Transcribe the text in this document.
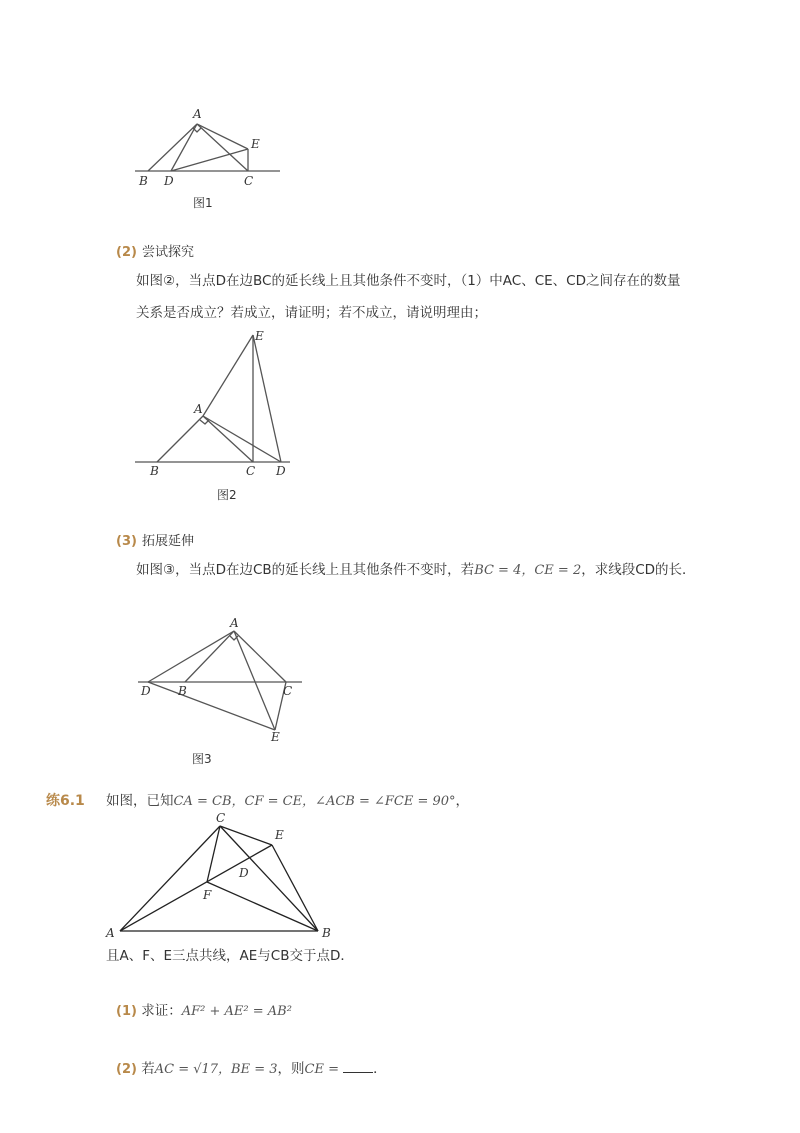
A
B D	C
E
图1
(2) 尝试探究
如图②，当点D在边BC的延长线上且其他条件不变时，（1）中AC、CE、CD之间存在的数量
关系是否成立？若成立，请证明；若不成立，请说明理由；
A
B	C D
E
图2
(3) 拓展延伸
如图③，当点D在边CB的延长线上且其他条件不变时，若BC = 4，CE = 2，求线段CD的长．
A
D B	C
E
图3
练6.1 如图，已知CA = CB，CF = CE，∠ACB = ∠FCE = 90°，
C
E
D
F
A	B
且A、F、E三点共线，AE与CB交于点D．
(1) 求证：AF² + AE² = AB²
(2) 若AC = √17，BE = 3，则CE = ．
